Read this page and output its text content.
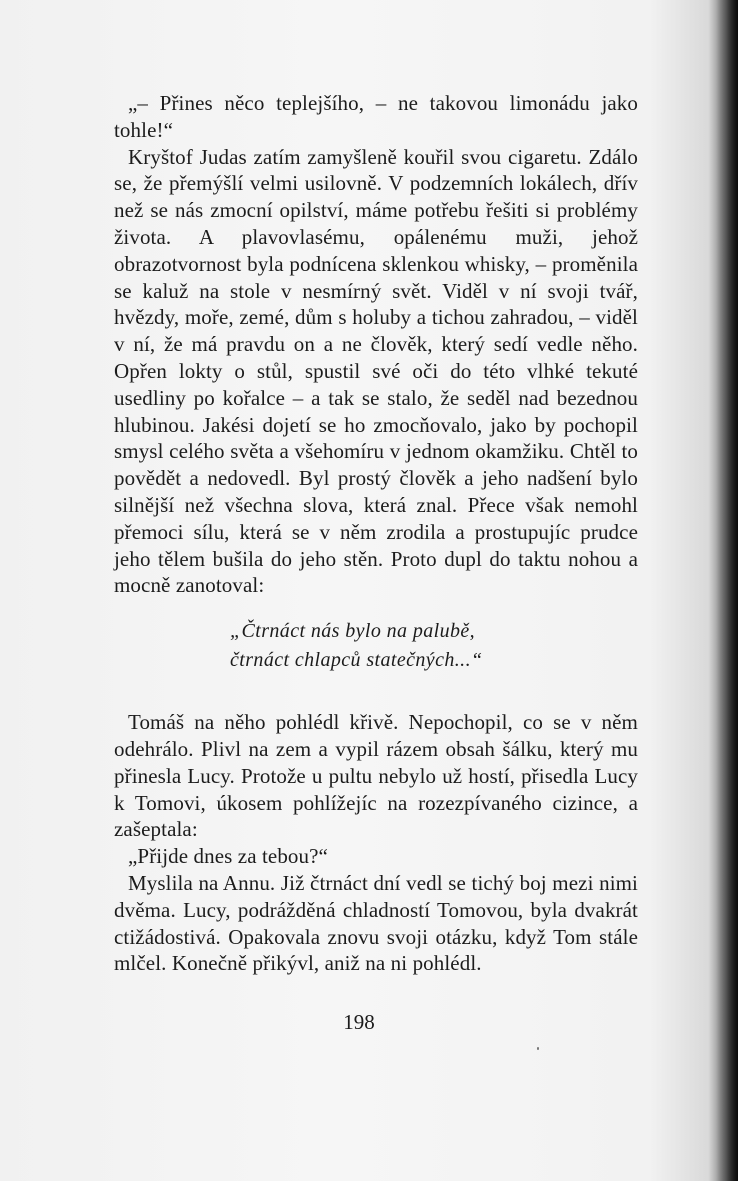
„– Přines něco teplejšího, – ne takovou limonádu jako tohle!“

Kryštof Judas zatím zamyšleně kouřil svou cigaretu. Zdálo se, že přemýšlí velmi usilovně. V podzemních lokálech, dřív než se nás zmocní opilství, máme potřebu řešiti si problémy života. A plavovlasému, opálenému muži, jehož obrazotvornost byla podnícena sklenkou whisky, – proměnila se kaluž na stole v nesmírný svět. Viděl v ní svoji tvář, hvězdy, moře, zemé, dům s holuby a tichou zahradou, – viděl v ní, že má pravdu on a ne člověk, který sedí vedle něho. Opřen lokty o stůl, spustil své oči do této vlhké tekuté usedliny po kořalce – a tak se stalo, že seděl nad bezednou hlubinou. Jakési dojetí se ho zmocňovalo, jako by pochopil smysl celého světa a všehomíru v jednom okamžiku. Chtěl to povědět a nedovedl. Byl prostý člověk a jeho nadšení bylo silnější než všechna slova, která znal. Přece však nemohl přemoci sílu, která se v něm zrodila a prostupujíc prudce jeho tělem bušila do jeho stěn. Proto dupl do taktu nohou a mocně zanotoval:

„Čtrnáct nás bylo na palubě,
čtrnáct chlapců statečných...“

Tomáš na něho pohlédl křivě. Nepochopil, co se v něm odehrálo. Plivl na zem a vypil rázem obsah šálku, který mu přinesla Lucy. Protože u pultu nebylo už hostí, přisedla Lucy k Tomovi, úkosem pohlížejíc na rozezpívaného cizince, a zašeptala:

„Přijde dnes za tebou?“

Myslila na Annu. Již čtrnáct dní vedl se tichý boj mezi nimi dvěma. Lucy, podrážděná chladností Tomovou, byla dvakrát ctižádostivá. Opakovala znovu svoji otázku, když Tom stále mlčel. Konečně přikývl, aniž na ni pohlédl.

198
